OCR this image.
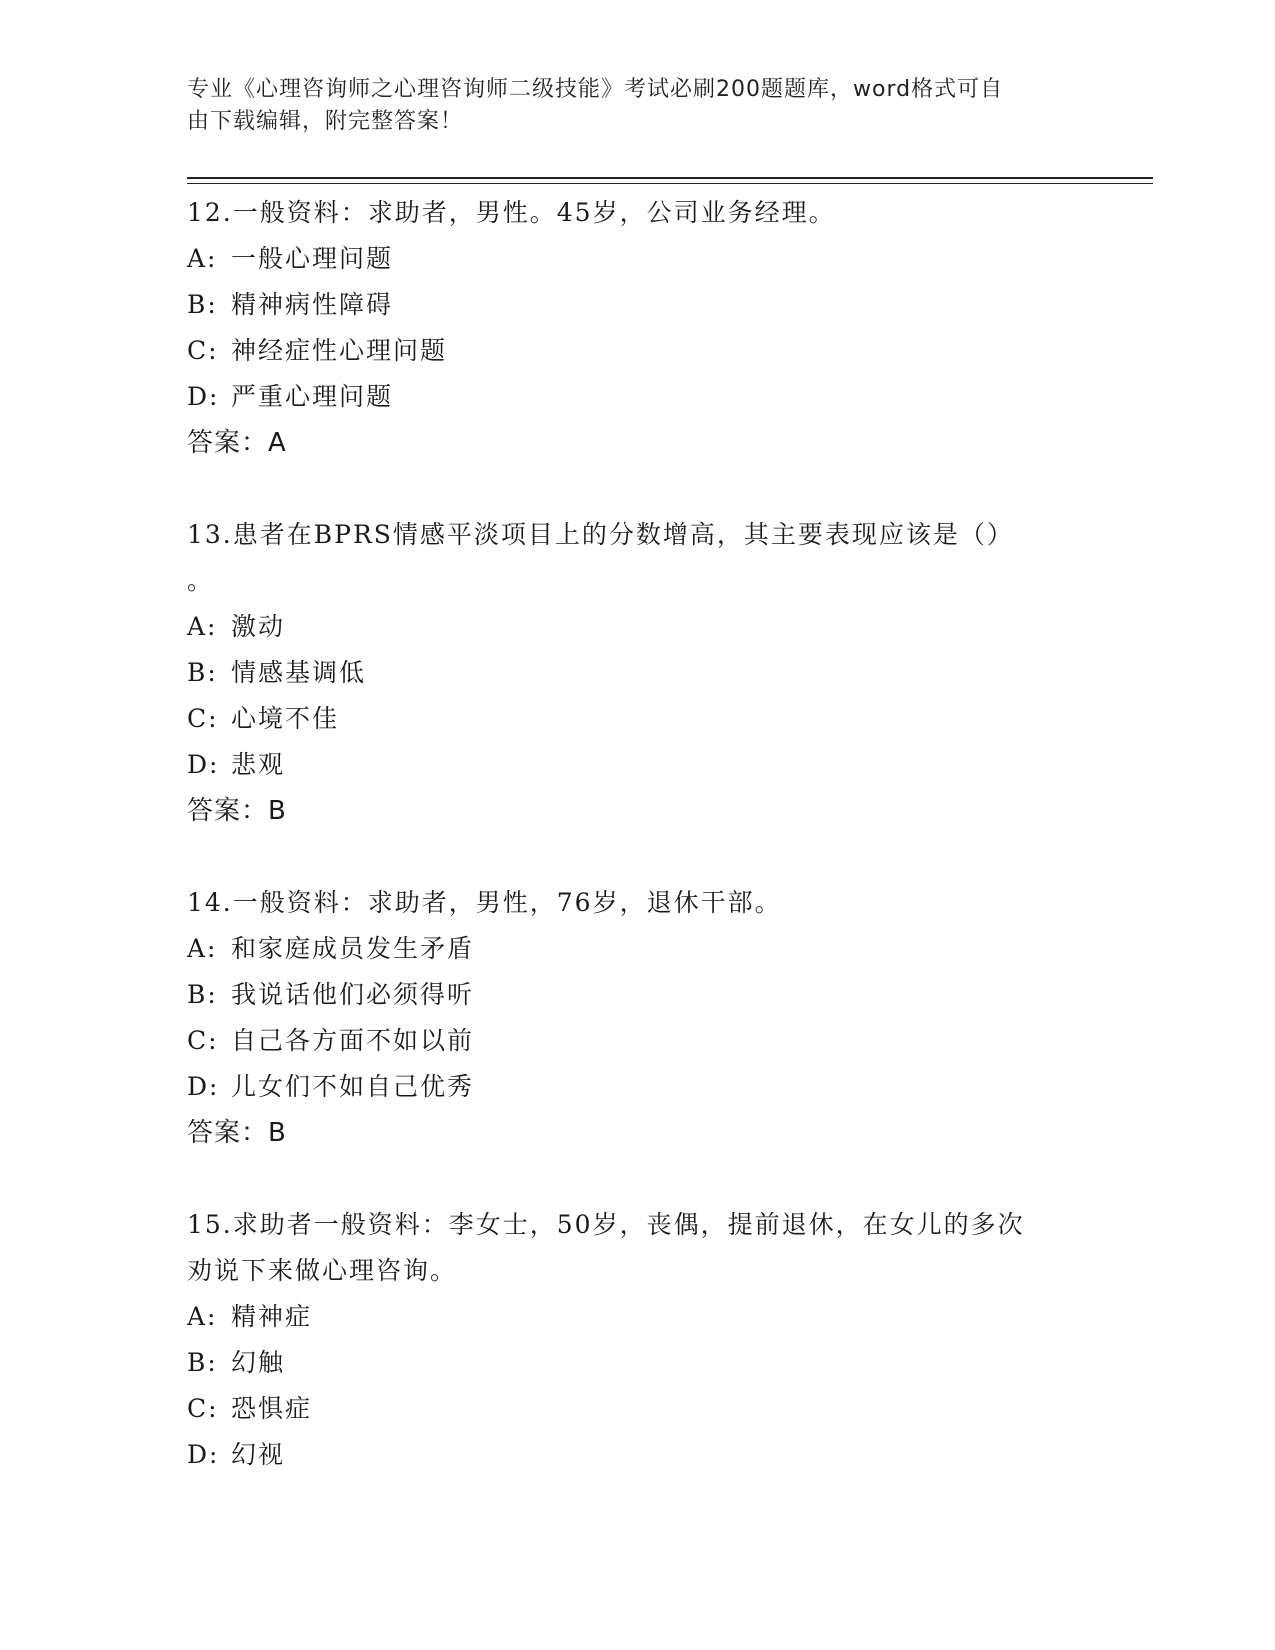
专业《心理咨询师之心理咨询师二级技能》考试必刷200题题库，word格式可自
由下载编辑，附完整答案！
12.一般资料：求助者，男性。45岁，公司业务经理。
A: 一般心理问题
B: 精神病性障碍
C: 神经症性心理问题
D: 严重心理问题
答案：A
13.患者在BPRS情感平淡项目上的分数增高，其主要表现应该是（）
。
A: 激动
B: 情感基调低
C: 心境不佳
D: 悲观
答案：B
14.一般资料：求助者，男性，76岁，退休干部。
A: 和家庭成员发生矛盾
B: 我说话他们必须得听
C: 自己各方面不如以前
D: 儿女们不如自己优秀
答案：B
15.求助者一般资料：李女士，50岁，丧偶，提前退休，在女儿的多次
劝说下来做心理咨询。
A: 精神症
B: 幻触
C: 恐惧症
D: 幻视
